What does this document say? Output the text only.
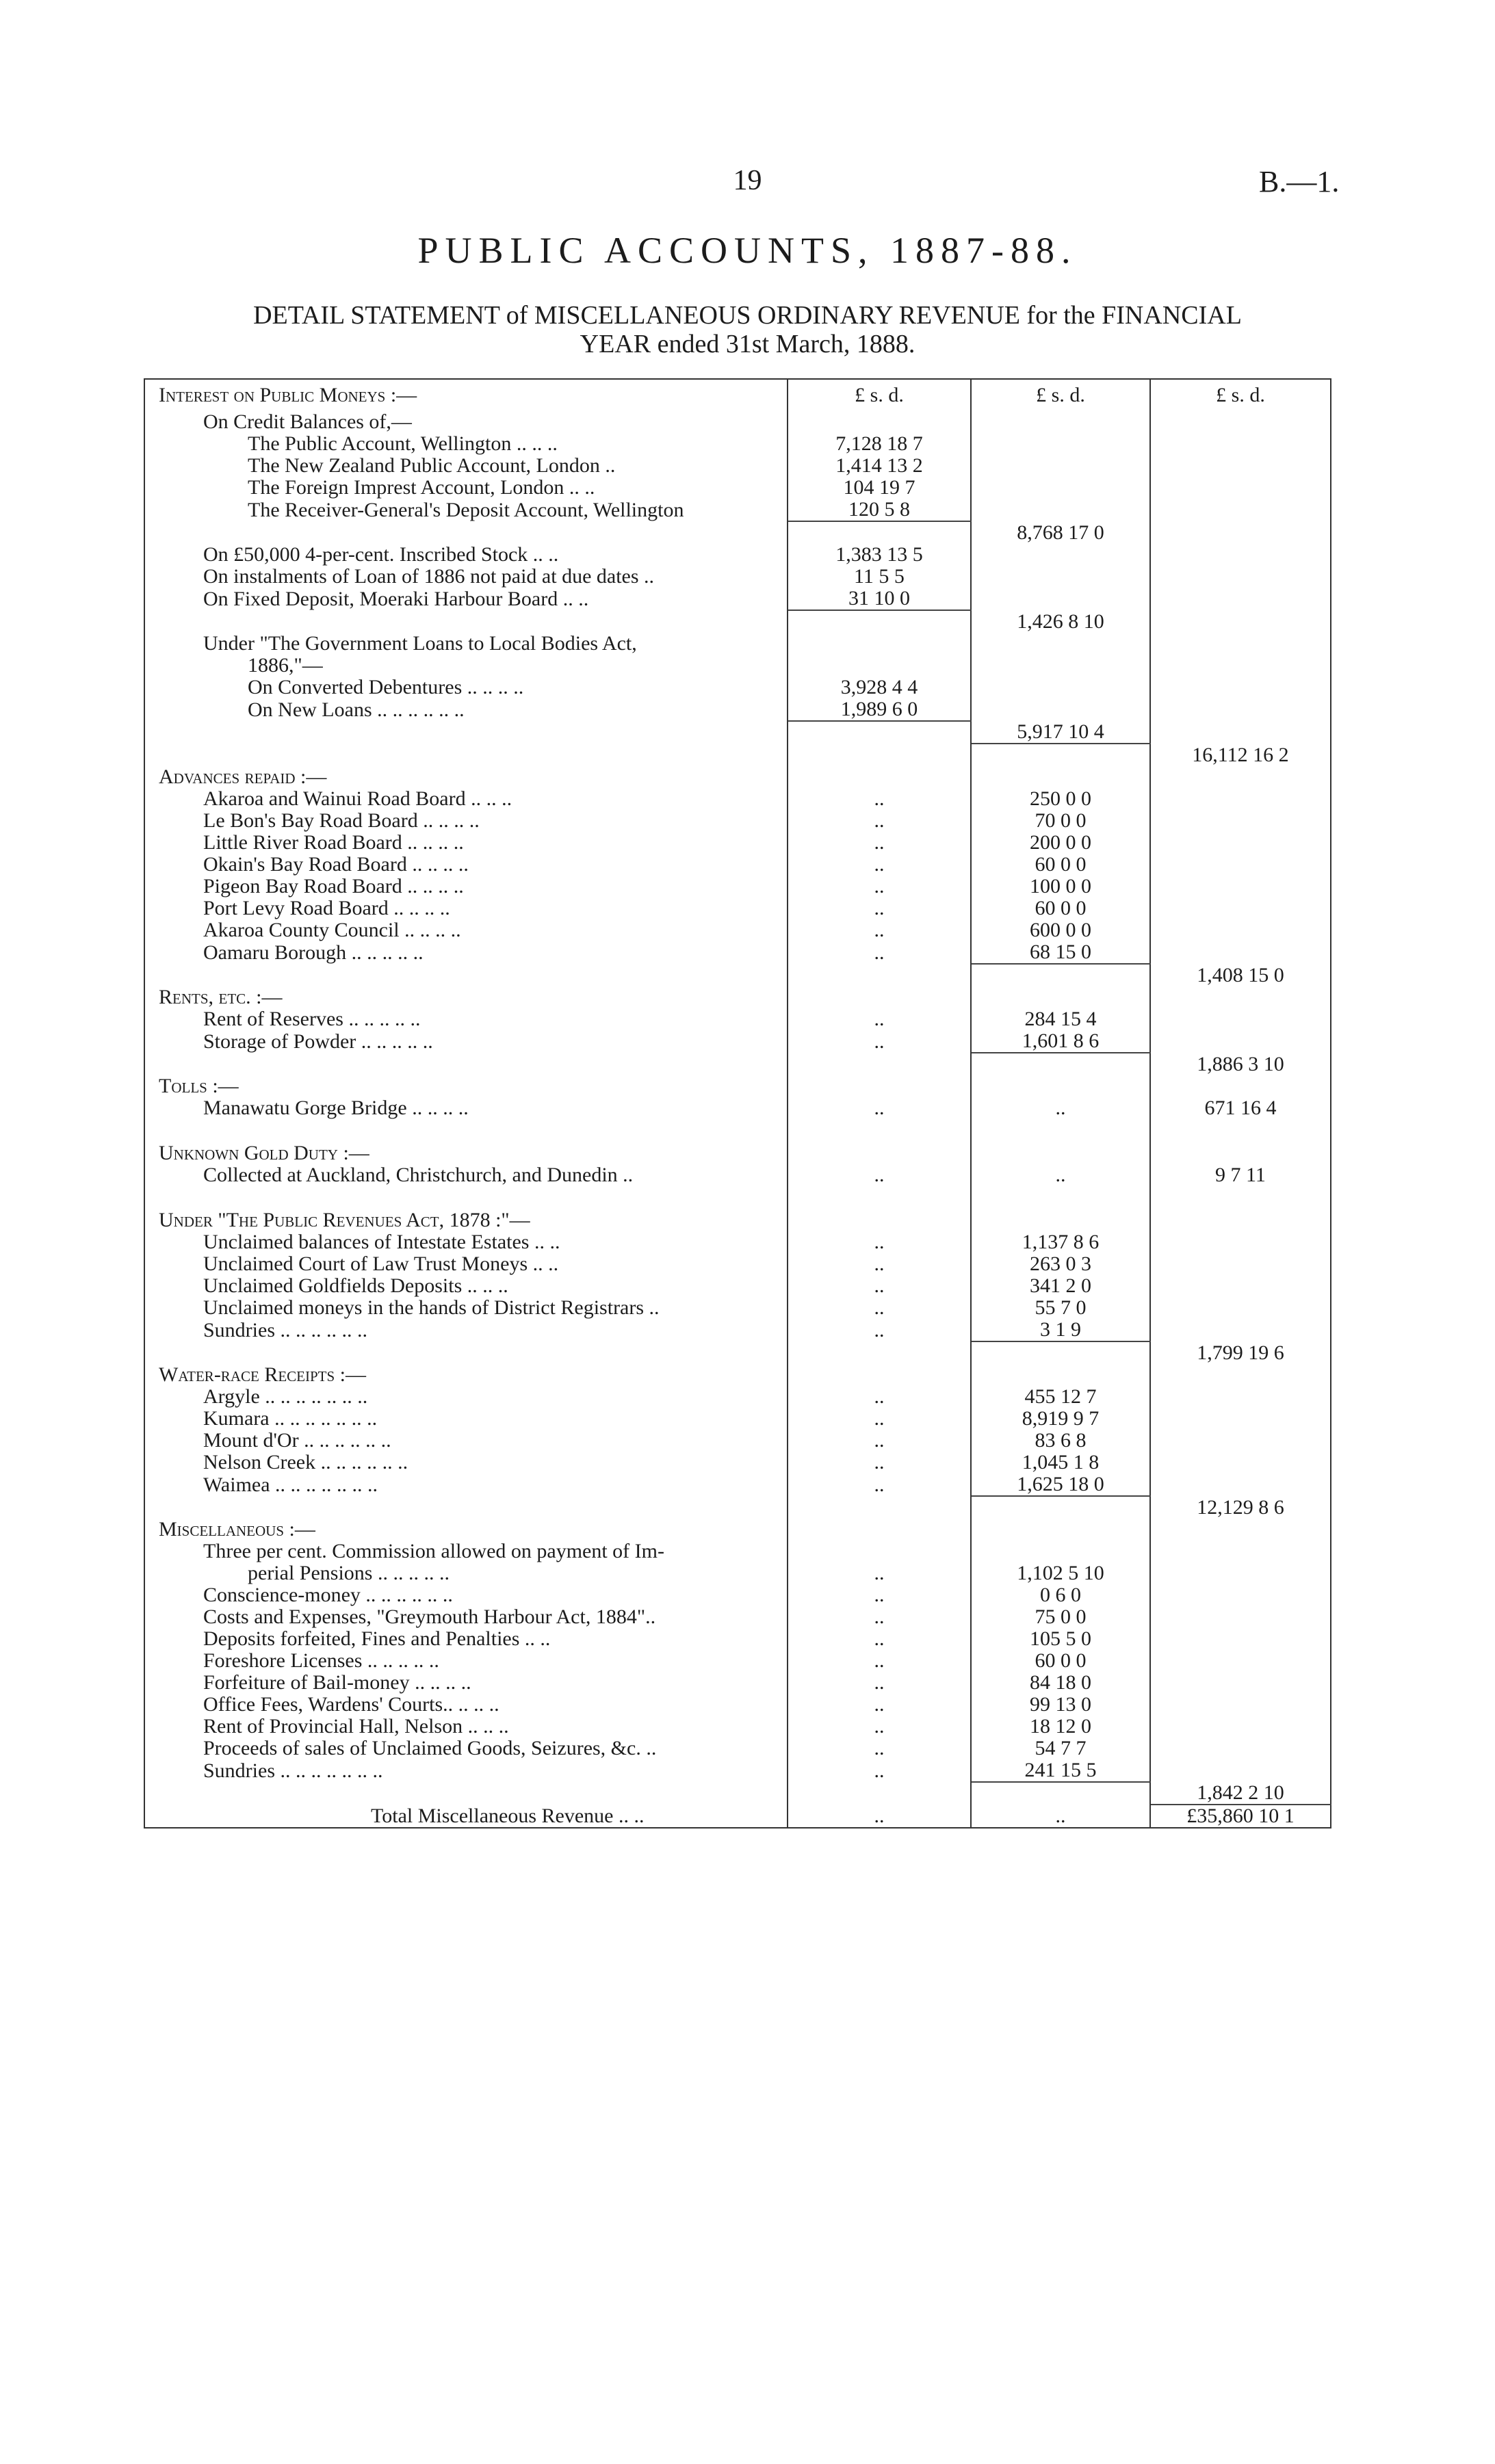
19	B.—1.
PUBLIC ACCOUNTS, 1887-88.
DETAIL STATEMENT of MISCELLANEOUS ORDINARY REVENUE for the FINANCIAL
YEAR ended 31st March, 1888.
Interest on Public Moneys :—	£ s. d.	£ s. d.	£ s. d.
On Credit Balances of,—			
The Public Account, Wellington .. .. ..	7,128 18 7		
The New Zealand Public Account, London ..	1,414 13 2		
The Foreign Imprest Account, London .. ..	104 19 7		
The Receiver-General's Deposit Account, Wellington	120 5 8		
		8,768 17 0	
On £50,000 4-per-cent. Inscribed Stock .. ..	1,383 13 5		
On instalments of Loan of 1886 not paid at due dates ..	11 5 5		
On Fixed Deposit, Moeraki Harbour Board .. ..	31 10 0		
		1,426 8 10	
Under "The Government Loans to Local Bodies Act,			
1886,"—			
On Converted Debentures .. .. .. ..	3,928 4 4		
On New Loans .. .. .. .. .. ..	1,989 6 0		
		5,917 10 4	
			16,112 16 2
Advances repaid :—			
Akaroa and Wainui Road Board .. .. ..	..	250 0 0	
Le Bon's Bay Road Board .. .. .. ..	..	70 0 0	
Little River Road Board .. .. .. ..	..	200 0 0	
Okain's Bay Road Board .. .. .. ..	..	60 0 0	
Pigeon Bay Road Board .. .. .. ..	..	100 0 0	
Port Levy Road Board .. .. .. ..	..	60 0 0	
Akaroa County Council .. .. .. ..	..	600 0 0	
Oamaru Borough .. .. .. .. ..	..	68 15 0	
			1,408 15 0
Rents, etc. :—			
Rent of Reserves .. .. .. .. ..	..	284 15 4	
Storage of Powder .. .. .. .. ..	..	1,601 8 6	
			1,886 3 10
Tolls :—			
Manawatu Gorge Bridge .. .. .. ..	..	..	671 16 4

Unknown Gold Duty :—			
Collected at Auckland, Christchurch, and Dunedin ..	..	..	9 7 11

Under "The Public Revenues Act, 1878 :"—			
Unclaimed balances of Intestate Estates .. ..	..	1,137 8 6	
Unclaimed Court of Law Trust Moneys .. ..	..	263 0 3	
Unclaimed Goldfields Deposits .. .. ..	..	341 2 0	
Unclaimed moneys in the hands of District Registrars ..	..	55 7 0	
Sundries .. .. .. .. .. ..	..	3 1 9	
			1,799 19 6
Water-race Receipts :—			
Argyle .. .. .. .. .. .. ..	..	455 12 7	
Kumara .. .. .. .. .. .. ..	..	8,919 9 7	
Mount d'Or .. .. .. .. .. ..	..	83 6 8	
Nelson Creek .. .. .. .. .. ..	..	1,045 1 8	
Waimea .. .. .. .. .. .. ..	..	1,625 18 0	
			12,129 8 6
Miscellaneous :—			
Three per cent. Commission allowed on payment of Im-			
perial Pensions .. .. .. .. ..	..	1,102 5 10	
Conscience-money .. .. .. .. .. ..	..	0 6 0	
Costs and Expenses, "Greymouth Harbour Act, 1884"..	..	75 0 0	
Deposits forfeited, Fines and Penalties .. ..	..	105 5 0	
Foreshore Licenses .. .. .. .. ..	..	60 0 0	
Forfeiture of Bail-money .. .. .. ..	..	84 18 0	
Office Fees, Wardens' Courts.. .. .. ..	..	99 13 0	
Rent of Provincial Hall, Nelson .. .. ..	..	18 12 0	
Proceeds of sales of Unclaimed Goods, Seizures, &c. ..	..	54 7 7	
Sundries .. .. .. .. .. .. ..	..	241 15 5	
			1,842 2 10
Total Miscellaneous Revenue .. ..	..	..	£35,860 10 1
